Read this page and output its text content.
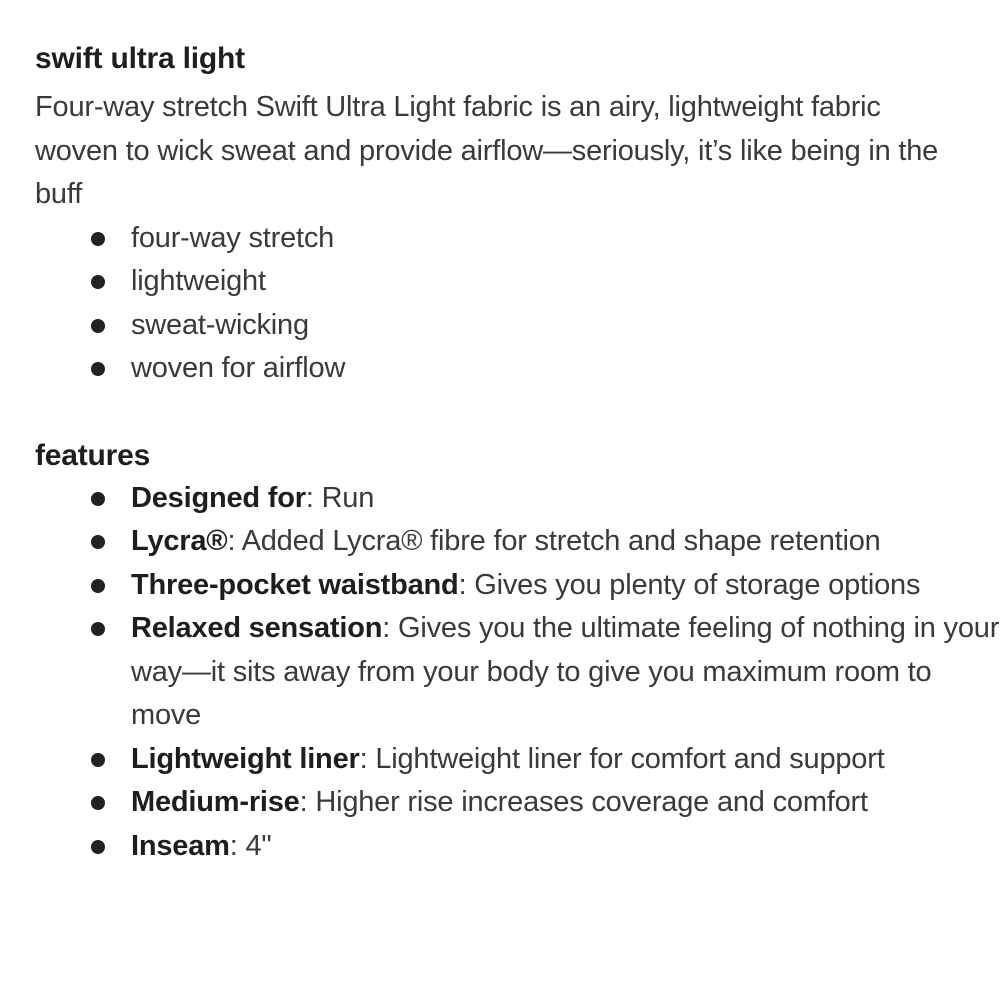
swift ultra light

Four-way stretch Swift Ultra Light fabric is an airy, lightweight fabric woven to wick sweat and provide airflow—seriously, it’s like being in the buff

four-way stretch
lightweight
sweat-wicking
woven for airflow
features
Designed for: Run
Lycra®: Added Lycra® fibre for stretch and shape retention
Three-pocket waistband: Gives you plenty of storage options
Relaxed sensation: Gives you the ultimate feeling of nothing in your way—it sits away from your body to give you maximum room to move
Lightweight liner: Lightweight liner for comfort and support
Medium-rise: Higher rise increases coverage and comfort
Inseam: 4"
